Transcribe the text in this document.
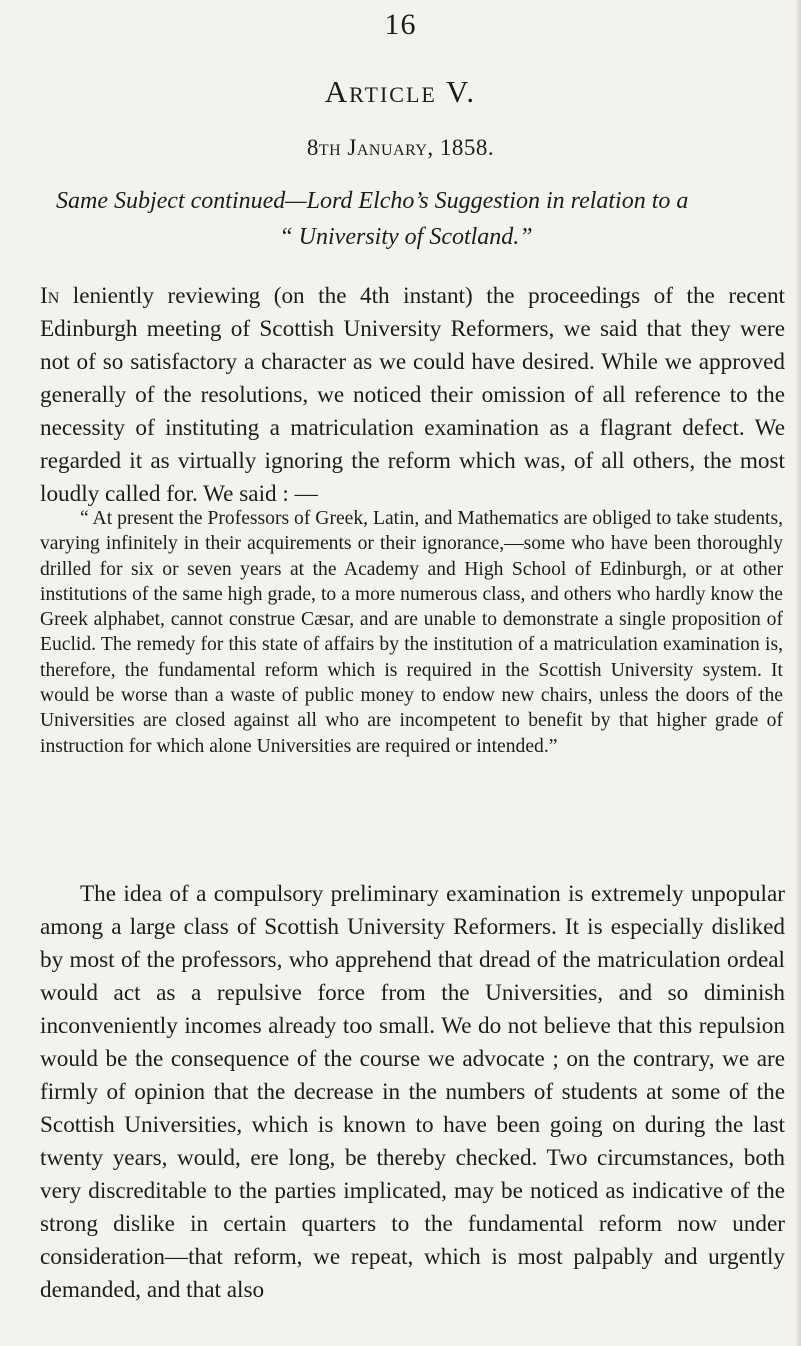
16
Article V.
8th January, 1858.
Same Subject continued—Lord Elcho’s Suggestion in relation to a
“ University of Scotland.”
In leniently reviewing (on the 4th instant) the proceedings of the recent Edinburgh meeting of Scottish University Reformers, we said that they were not of so satisfactory a character as we could have desired. While we approved generally of the resolutions, we noticed their omission of all reference to the necessity of instituting a matriculation examination as a flagrant defect. We regarded it as virtually ignoring the reform which was, of all others, the most loudly called for. We said : —
“ At present the Professors of Greek, Latin, and Mathematics are obliged to take students, varying infinitely in their acquirements or their ignorance,—some who have been thoroughly drilled for six or seven years at the Academy and High School of Edinburgh, or at other institutions of the same high grade, to a more numerous class, and others who hardly know the Greek alphabet, cannot construe Cæsar, and are unable to demonstrate a single proposition of Euclid. The remedy for this state of affairs by the institution of a matriculation examination is, therefore, the fundamental reform which is required in the Scottish University system. It would be worse than a waste of public money to endow new chairs, unless the doors of the Universities are closed against all who are incompetent to benefit by that higher grade of instruction for which alone Universities are required or intended.”
The idea of a compulsory preliminary examination is extremely unpopular among a large class of Scottish University Reformers. It is especially disliked by most of the professors, who apprehend that dread of the matriculation ordeal would act as a repulsive force from the Universities, and so diminish inconveniently incomes already too small. We do not believe that this repulsion would be the consequence of the course we advocate ; on the contrary, we are firmly of opinion that the decrease in the numbers of students at some of the Scottish Universities, which is known to have been going on during the last twenty years, would, ere long, be thereby checked. Two circumstances, both very discreditable to the parties implicated, may be noticed as indicative of the strong dislike in certain quarters to the fundamental reform now under consideration—that reform, we repeat, which is most palpably and urgently demanded, and that also
